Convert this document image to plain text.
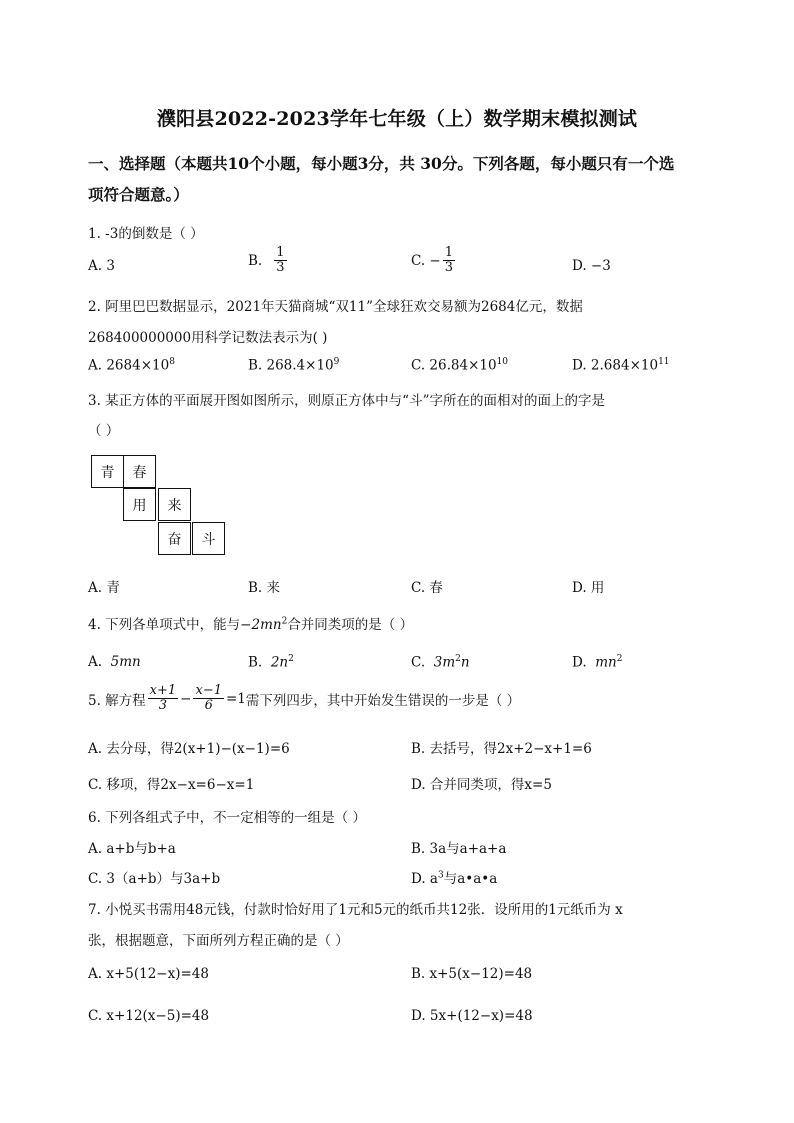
濮阳县2022-2023学年七年级（上）数学期末模拟测试
一、选择题（本题共10个小题，每小题3分，共 30分。下列各题，每小题只有一个选
项符合题意。）
1. -3的倒数是（ ）
A. 3	B. $\frac{1}{3}$	C. − $\frac{1}{3}$	D. −3
2. 阿里巴巴数据显示，2021年天猫商城“双11”全球狂欢交易额为2684亿元，数据
268400000000用科学记数法表示为( )
A. $2684\times 10^8$	B. $268.4\times 10^9$	C. $26.84\times 10^{10}$	D. $2.684\times 10^{11}$
3. 某正方体的平面展开图如图所示，则原正方体中与“斗”字所在的面相对的面上的字是
（ ）
青	春
用	来
奋	斗
A. 青	B. 来	C. 春	D. 用
4. 下列各单项式中，能与$-2mn^2$合并同类项的是（ ）
A. 5mn	B. $2n^2$	C. $3m^2n$	D. $mn^2$
5. 解方程 $\frac{x+1}{3} - \frac{x-1}{6} =1$ 需下列四步，其中开始发生错误的一步是（ ）
A. 去分母，得2(x+1)−(x−1)=6	B. 去括号，得2x+2−x+1=6
C. 移项，得2x−x=6−x=1	D. 合并同类项，得x=5
6. 下列各组式子中，不一定相等的一组是（ ）
A. a+b与b+a	B. 3a与a+a+a
C. 3（a+b）与3a+b	D. $a^3$与a•a•a
7. 小悦买书需用48元钱，付款时恰好用了1元和5元的纸币共12张．设所用的1元纸币为 x
张，根据题意，下面所列方程正确的是（ ）
A. x+5(12−x)=48	B. x+5(x−12)=48
C. x+12(x−5)=48	D. 5x+(12−x)=48
